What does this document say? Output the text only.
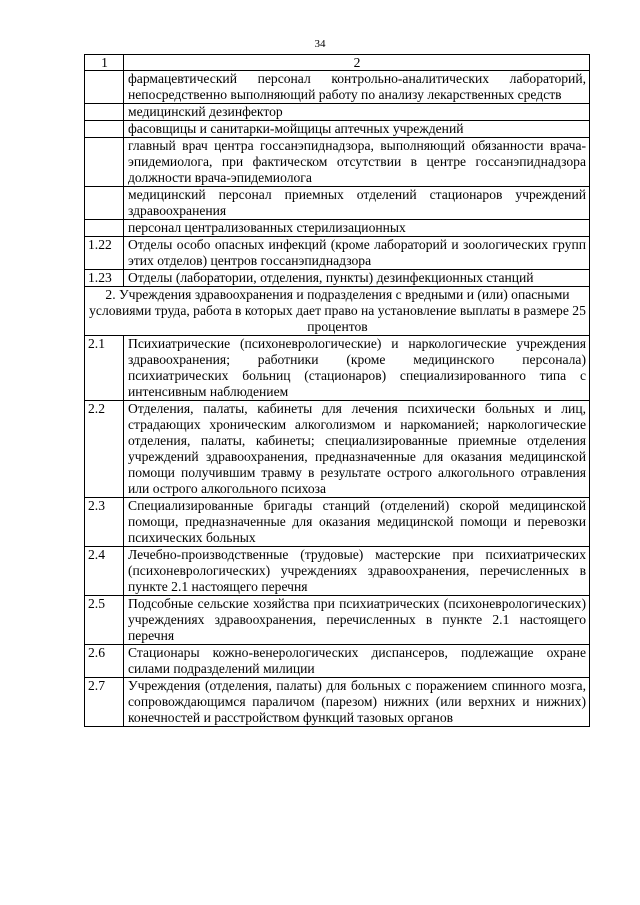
34
1	2
	фармацевтический персонал контрольно-аналитических лабораторий, непосредственно выполняющий работу по анализу лекарственных средств
	медицинский дезинфектор
	фасовщицы и санитарки-мойщицы аптечных учреждений
	главный врач центра госсанэпиднадзора, выполняющий обязанности врача-эпидемиолога, при фактическом отсутствии в центре госсанэпиднадзора должности врача-эпидемиолога
	медицинский персонал приемных отделений стационаров учреждений здравоохранения
	персонал централизованных стерилизационных
1.22	Отделы особо опасных инфекций (кроме лабораторий и зоологических групп этих отделов) центров госсанэпиднадзора
1.23	Отделы (лаборатории, отделения, пункты) дезинфекционных станций
2. Учреждения здравоохранения и подразделения с вредными и (или) опасными условиями труда, работа в которых дает право на установление выплаты в размере 25 процентов	
2.1	Психиатрические (психоневрологические) и наркологические учреждения здравоохранения; работники (кроме медицинского персонала) психиатрических больниц (стационаров) специализированного типа с интенсивным наблюдением
2.2	Отделения, палаты, кабинеты для лечения психически больных и лиц, страдающих хроническим алкоголизмом и наркоманией; наркологические отделения, палаты, кабинеты; специализированные приемные отделения учреждений здравоохранения, предназначенные для оказания медицинской помощи получившим травму в результате острого алкогольного отравления или острого алкогольного психоза
2.3	Специализированные бригады станций (отделений) скорой медицинской помощи, предназначенные для оказания медицинской помощи и перевозки психических больных
2.4	Лечебно-производственные (трудовые) мастерские при психиатрических (психоневрологических) учреждениях здравоохранения, перечисленных в пункте 2.1 настоящего перечня
2.5	Подсобные сельские хозяйства при психиатрических (психоневрологических) учреждениях здравоохранения, перечисленных в пункте 2.1 настоящего перечня
2.6	Стационары кожно-венерологических диспансеров, подлежащие охране силами подразделений милиции
2.7	Учреждения (отделения, палаты) для больных с поражением спинного мозга, сопровождающимся параличом (парезом) нижних (или верхних и нижних) конечностей и расстройством функций тазовых органов
